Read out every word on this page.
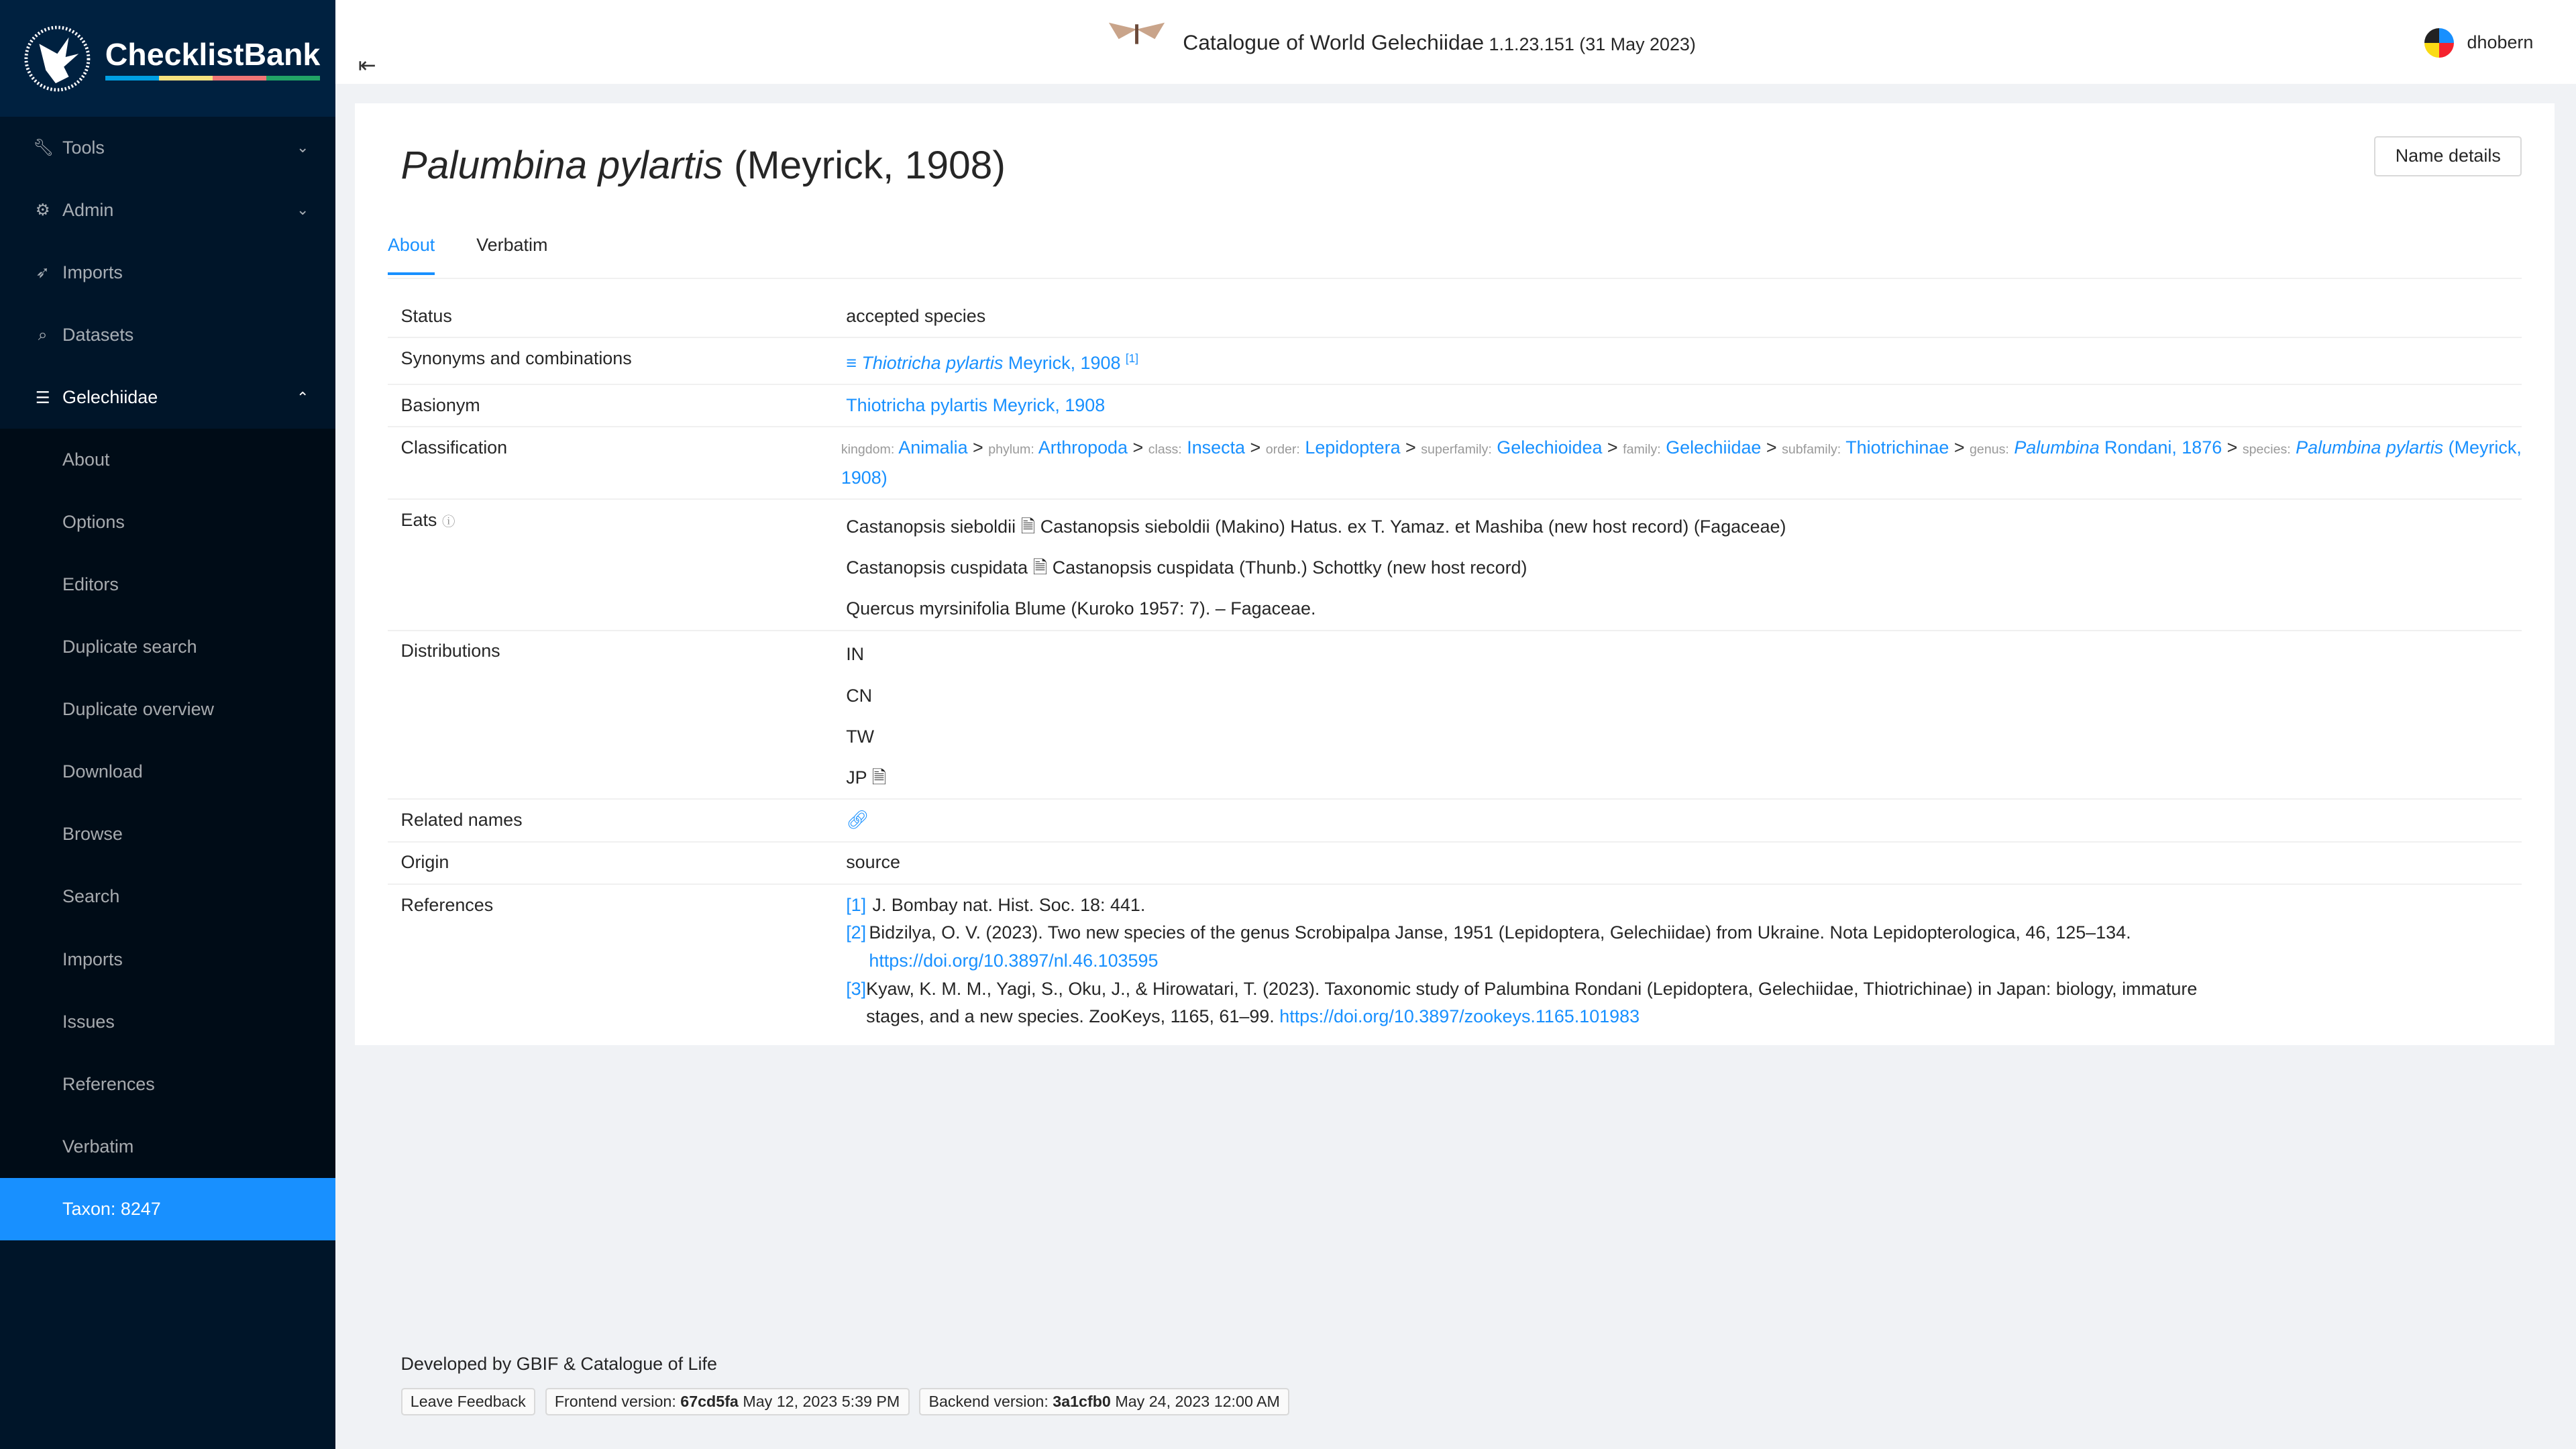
ChecklistBank
🔧︎ Tools	⌄
⚙	Admin	⌄
➶	Imports
⌕	Datasets
☰	Gelechiidae	⌃
About
Options
Editors
Duplicate search
Duplicate overview
Download
Browse
Search
Imports
Issues
References
Verbatim
Taxon: 8247
⇤
Catalogue of World Gelechiidae
1.1.23.151 (31 May 2023)	dhobern
Palumbina pylartis (Meyrick, 1908)	Name details
About	Verbatim
Status	accepted species
Synonyms and combinations	≡ Thiotricha pylartis Meyrick, 1908 [1]
Basionym	Thiotricha pylartis Meyrick, 1908
Classification	kingdom: Animalia > phylum: Arthropoda > class: Insecta > order: Lepidoptera > superfamily: Gelechioidea > family: Gelechiidae > subfamily: Thiotrichinae > genus: Palumbina Rondani, 1876 > species: Palumbina pylartis (Meyrick, 1908)
Eats ⓘ	Castanopsis sieboldii 🗎 Castanopsis sieboldii (Makino) Hatus. ex T. Yamaz. et Mashiba (new host record) (Fagaceae)

Castanopsis cuspidata 🗎 Castanopsis cuspidata (Thunb.) Schottky (new host record)

Quercus myrsinifolia Blume (Kuroko 1957: 7). – Fagaceae.

Distributions	IN

CN

TW

JP 🗎

Related names	🔗︎
Origin	source
References	[1] J. Bombay nat. Hist. Soc. 18: 441.
[2] Bidzilya, O. V. (2023). Two new species of the genus Scrobipalpa Janse, 1951 (Lepidoptera, Gelechiidae) from Ukraine. Nota Lepidopterologica, 46, 125–134. https://doi.org/10.3897/nl.46.103595
[3] Kyaw, K. M. M., Yagi, S., Oku, J., & Hirowatari, T. (2023). Taxonomic study of Palumbina Rondani (Lepidoptera, Gelechiidae, Thiotrichinae) in Japan: biology, immature stages, and a new species. ZooKeys, 1165, 61–99. https://doi.org/10.3897/zookeys.1165.101983
Developed by GBIF & Catalogue of Life
Leave Feedback	Frontend version: 67cd5fa May 12, 2023 5:39 PM	Backend version: 3a1cfb0 May 24, 2023 12:00 AM
